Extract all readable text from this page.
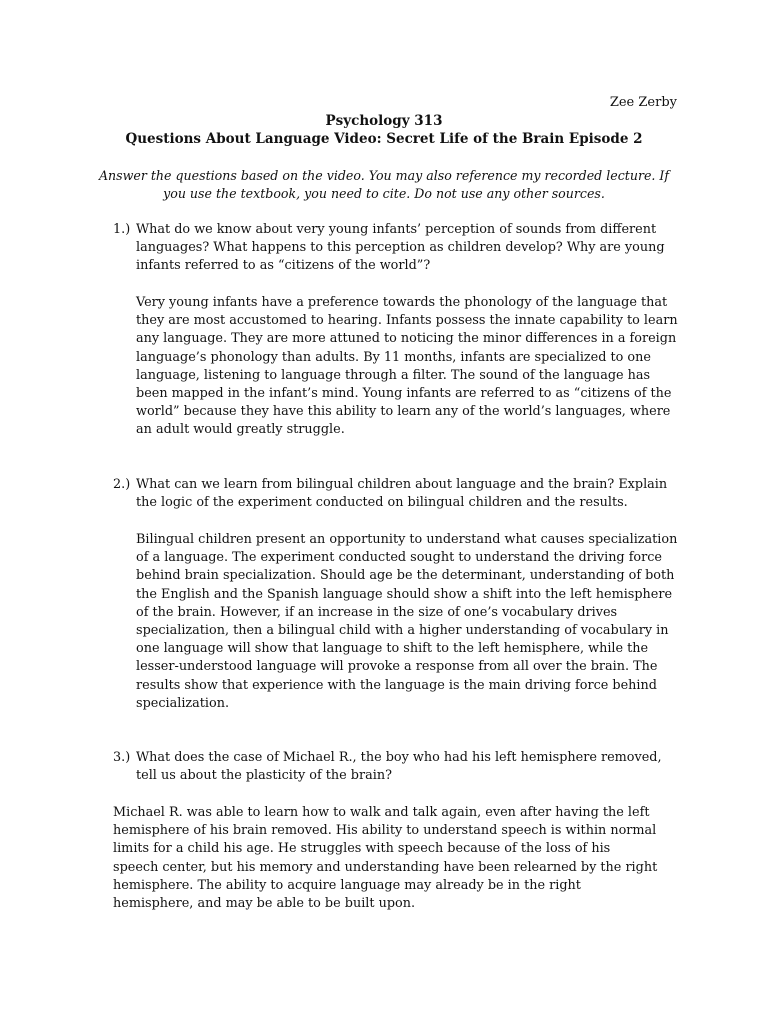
Zee Zerby
Psychology 313
Questions About Language Video: Secret Life of the Brain Episode 2
Answer the questions based on the video. You may also reference my recorded lecture. If you use the textbook, you need to cite. Do not use any other sources.
1.) What do we know about very young infants’ perception of sounds from different languages? What happens to this perception as children develop? Why are young infants referred to as “citizens of the world”?
Very young infants have a preference towards the phonology of the language that they are most accustomed to hearing. Infants possess the innate capability to learn any language. They are more attuned to noticing the minor differences in a foreign language’s phonology than adults. By 11 months, infants are specialized to one language, listening to language through a filter. The sound of the language has been mapped in the infant’s mind. Young infants are referred to as “citizens of the world” because they have this ability to learn any of the world’s languages, where an adult would greatly struggle.
2.) What can we learn from bilingual children about language and the brain? Explain the logic of the experiment conducted on bilingual children and the results.
Bilingual children present an opportunity to understand what causes specialization of a language. The experiment conducted sought to understand the driving force behind brain specialization. Should age be the determinant, understanding of both the English and the Spanish language should show a shift into the left hemisphere of the brain. However, if an increase in the size of one’s vocabulary drives specialization, then a bilingual child with a higher understanding of vocabulary in one language will show that language to shift to the left hemisphere, while the lesser-understood language will provoke a response from all over the brain. The results show that experience with the language is the main driving force behind specialization.
3.) What does the case of Michael R., the boy who had his left hemisphere removed, tell us about the plasticity of the brain?
Michael R. was able to learn how to walk and talk again, even after having the left hemisphere of his brain removed. His ability to understand speech is within normal limits for a child his age. He struggles with speech because of the loss of his speech center, but his memory and understanding have been relearned by the right hemisphere. The ability to acquire language may already be in the right hemisphere, and may be able to be built upon.
